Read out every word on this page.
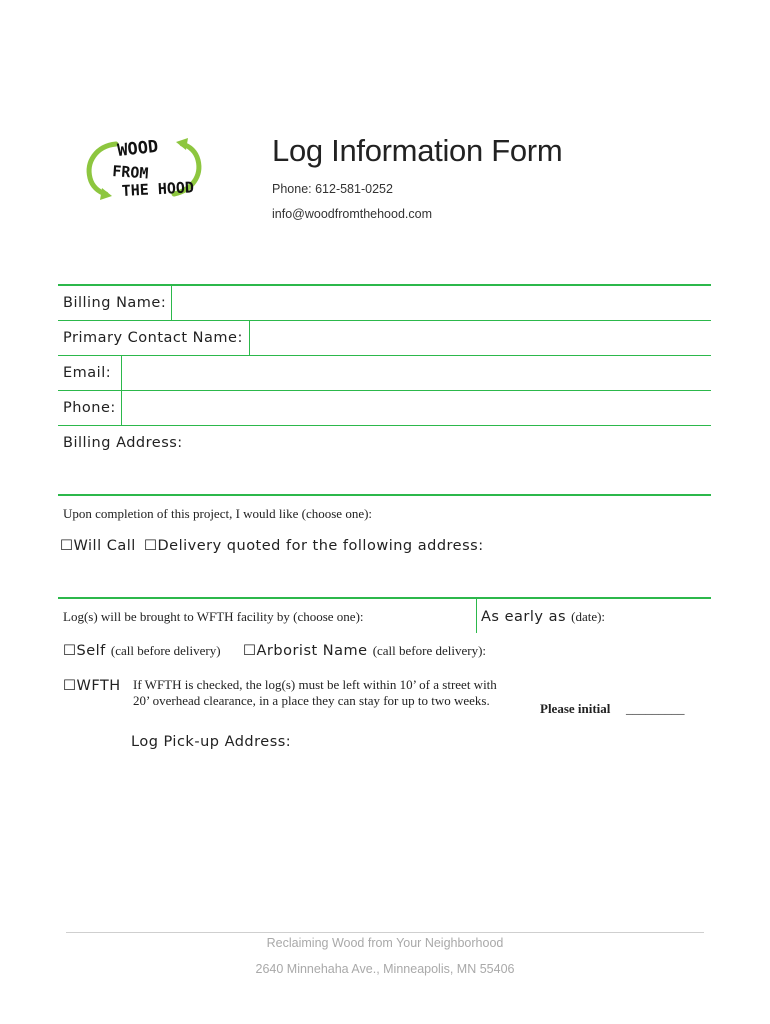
WOOD
FROM
THE HOOD
Log Information Form
Phone: 612-581-0252
info@woodfromthehood.com
Billing Name:
Primary Contact Name:
Email:
Phone:
Billing Address:
Upon completion of this project, I would like (choose one):
☐Will Call ☐Delivery quoted for the following address:
Log(s) will be brought to WFTH facility by (choose one):	As early as (date):
☐Self (call before delivery) ☐Arborist Name (call before delivery):
☐WFTH If WFTH is checked, the log(s) must be left within 10’ of a street with
20’ overhead clearance, in a place they can stay for up to two weeks.
Please initial _________
Log Pick-up Address:
Reclaiming Wood from Your Neighborhood
2640 Minnehaha Ave., Minneapolis, MN 55406
